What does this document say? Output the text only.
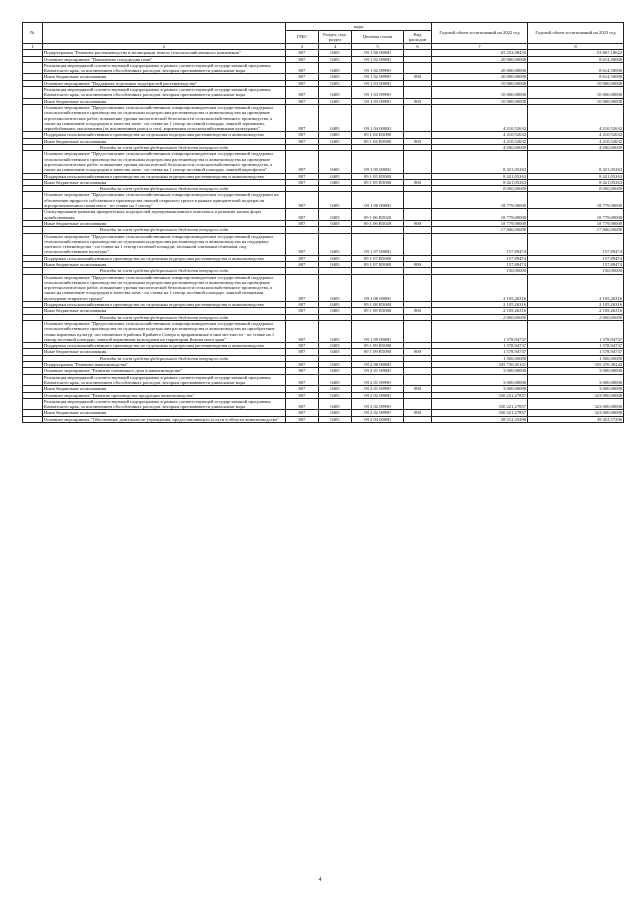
№		коды				Годовой объем ассигнований на 2022 год	Годовой объем ассигнований на 2023 год
		ГРБС	Раздел, под- раздел	Целевая статья	Вид расходов		
1	2	3	4	5	6	7	8
	Подпрограмма "Развитие растениеводства и мелиорации земель сельскохозяйственного назначения"	807	0405	09 1 00 00000		65 252,08433	53 867,18622
	Основное мероприятие "Повышение плодородия почв"	807	0405	09 1 02 00000		20 000,00000	8 614,50000
	Реализация мероприятий соответствующей подпрограммы в рамках соответствующей государственной программы Камчатского края, за исключением обособленных расходов, которым присваиваются уникальные коды	807	0405	09 1 02 09990		20 000,00000	8 614,50000
	Иные бюджетные ассигнования	807	0405	09 1 02 09990	800	20 000,00000	8 614,50000
	Основное мероприятие "Поддержка отдельных подотраслей растениеводства"	807	0405	09 1 03 00000		10 000,00000	10 000,00000
	Реализация мероприятий соответствующей подпрограммы в рамках соответствующей государственной программы Камчатского края, за исключением обособленных расходов, которым присваиваются уникальные коды	807	0405	09 1 03 09990		10 000,00000	10 000,00000
	Иные бюджетные ассигнования	807	0405	09 1 03 09990	800	10 000,00000	10 000,00000
	Основное мероприятие "Предоставление сельскохозяйственным товаропроизводителям государственной поддержки сельскохозяйственного производства по отдельным подотраслям растениеводства и животноводства на проведение агротехнологических работ, повышение уровня экологической безопасности сельскохозяйственного производства, а также на повышение плодородия и качества почв - по ставке на 1 гектар посевной площади, занятой зерновыми, зернобобовыми, масличными (за исключением рапса и сои), кормовыми сельскохозяйственными культурами"	807	0405	09 1 04 00000		4 210,52632	4 210,52632
	Поддержка сельскохозяйственного производства по отдельным подотраслям растениеводства и животноводства	807	0405	09 1 04 R5080		4 210,52632	4 210,52632
	Иные бюджетные ассигнования	807	0405	09 1 04 R5080	800	4 210,52632	4 210,52632
	Расходы за счет средств федерального бюджета текущего года					4 000,00000	4 000,00000
	Основное мероприятие "Предоставление сельскохозяйственным товаропроизводителям государственной поддержки сельскохозяйственного производства по отдельным подотраслям растениеводства и животноводства на проведение агротехнологических работ, повышение уровня экологической безопасности сельскохозяйственного производства, а также на повышение плодородия и качества почв - по ставке на 1 гектар посевной площади, занятой картофелем"	807	0405	09 1 05 00000		8 421,05263	8 421,05263
	Поддержка сельскохозяйственного производства по отдельным подотраслям растениеводства и животноводства	807	0405	09 1 05 R5080		8 421,05263	8 421,05263
	Иные бюджетные ассигнования	807	0405	09 1 05 R5080	800	8 421,05263	8 421,05263
	Расходы за счет средств федерального бюджета текущего года					8 000,00000	8 000,00000
	Основное мероприятие "Предоставление сельскохозяйственным товаропроизводителям государственной поддержки на обеспечение прироста собственного производства овощей открытого грунта в рамках приоритетной подотрасли агропромышленного комплекса - по ставке на 1 гектар"	807	0405	09 1 06 00000		18 779,00000	18 779,00000
	Стимулирование развития приоритетных подотраслей агропромышленного комплекса и развитие малых форм хозяйствования	807	0405	09 1 06 R5020		18 779,00000	18 779,00000
	Иные бюджетные ассигнования	807	0405	09 1 06 R5020	800	18 779,00000	18 779,00000
	Расходы за счет средств федерального бюджета текущего года					17 840,05000	17 840,05000
	Основное мероприятие "Предоставление сельскохозяйственным товаропроизводителям государственной поддержки сельскохозяйственного производства по отдельным подотраслям растениеводства и животноводства на поддержку элитного семеноводства - по ставке на 1 гектар посевной площади, засеянной элитными семенами, под сельскохозяйственные культуры"	807	0405	09 1 07 00000		157,89474	157,89474
	Поддержка сельскохозяйственного производства по отдельным подотраслям растениеводства и животноводства	807	0405	09 1 07 R5080		157,89474	157,89474
	Иные бюджетные ассигнования	807	0405	09 1 07 R5080	800	157,89474	157,89474
	Расходы за счет средств федерального бюджета текущего года					150,00000	150,00000
	Основное мероприятие "Предоставление сельскохозяйственным товаропроизводителям государственной поддержки сельскохозяйственного производства по отдельным подотраслям растениеводства и животноводства на проведение агротехнологических работ, повышение уровня экологической безопасности сельскохозяйственного производства, а также на повышение плодородия и качества почв - по ставке на 1 гектар посевной площади, занятой овощными культурами открытого грунта"	807	0405	09 1 08 00000		2 105,26316	2 105,26316
	Поддержка сельскохозяйственного производства по отдельным подотраслям растениеводства и животноводства	807	0405	09 1 08 R5080		2 105,26316	2 105,26316
	Иные бюджетные ассигнования	807	0405	09 1 08 R5080	800	2 105,26316	2 105,26316
	Расходы за счет средств федерального бюджета текущего года					2 000,00000	2 000,00000
	Основное мероприятие "Предоставление сельскохозяйственным товаропроизводителям государственной поддержки сельскохозяйственного производства по отдельным подотраслям растениеводства и животноводства на приобретение семян кормовых культур, поставляемых в районы Крайнего Севера и приравненные к ним местности - по ставке на 1 гектар посевной площади, занятой кормовыми культурами на территории Камчатского края"	807	0405	09 1 09 00000		1 578,94737	1 578,94737
	Поддержка сельскохозяйственного производства по отдельным подотраслям растениеводства и животноводства	807	0405	09 1 09 R5080		1 578,94737	1 578,94737
	Иные бюджетные ассигнования	807	0405	09 1 09 R5080	800	1 578,94737	1 578,94737
	Расходы за счет средств федерального бюджета текущего года					1 500,00000	1 500,00000
	Подпрограмма "Развитие животноводства"	807	0405	09 2 00 00000		345 750,45101	335 470,30244
	Основное мероприятие "Развитие племенного дела в животноводстве"	807	0405	09 2 01 00000		3 000,00000	3 000,00000
	Реализация мероприятий соответствующей подпрограммы в рамках соответствующей государственной программы Камчатского края, за исключением обособленных расходов, которым присваиваются уникальные коды	807	0405	09 2 01 09990		3 000,00000	3 000,00000
	Иные бюджетные ассигнования	807	0405	09 2 01 09990	800	3 000,00000	3 000,00000
	Основное мероприятие "Развитие производства продукции животноводства"	807	0405	09 2 02 00000		330 221,27857	323 000,00000
	Реализация мероприятий соответствующей подпрограммы в рамках соответствующей государственной программы Камчатского края, за исключением обособленных расходов, которым присваиваются уникальные коды	807	0405	09 2 02 09990		330 221,27857	323 000,00000
	Иные бюджетные ассигнования	807	0405	09 2 02 09990	800	330 221,27857	323 000,00000
	Основное мероприятие "Обеспечение деятельности учреждения, предоставляющего услуги в области животноводства"	807	0405	09 2 04 00000		38 512,33298	39 452,57296
4
